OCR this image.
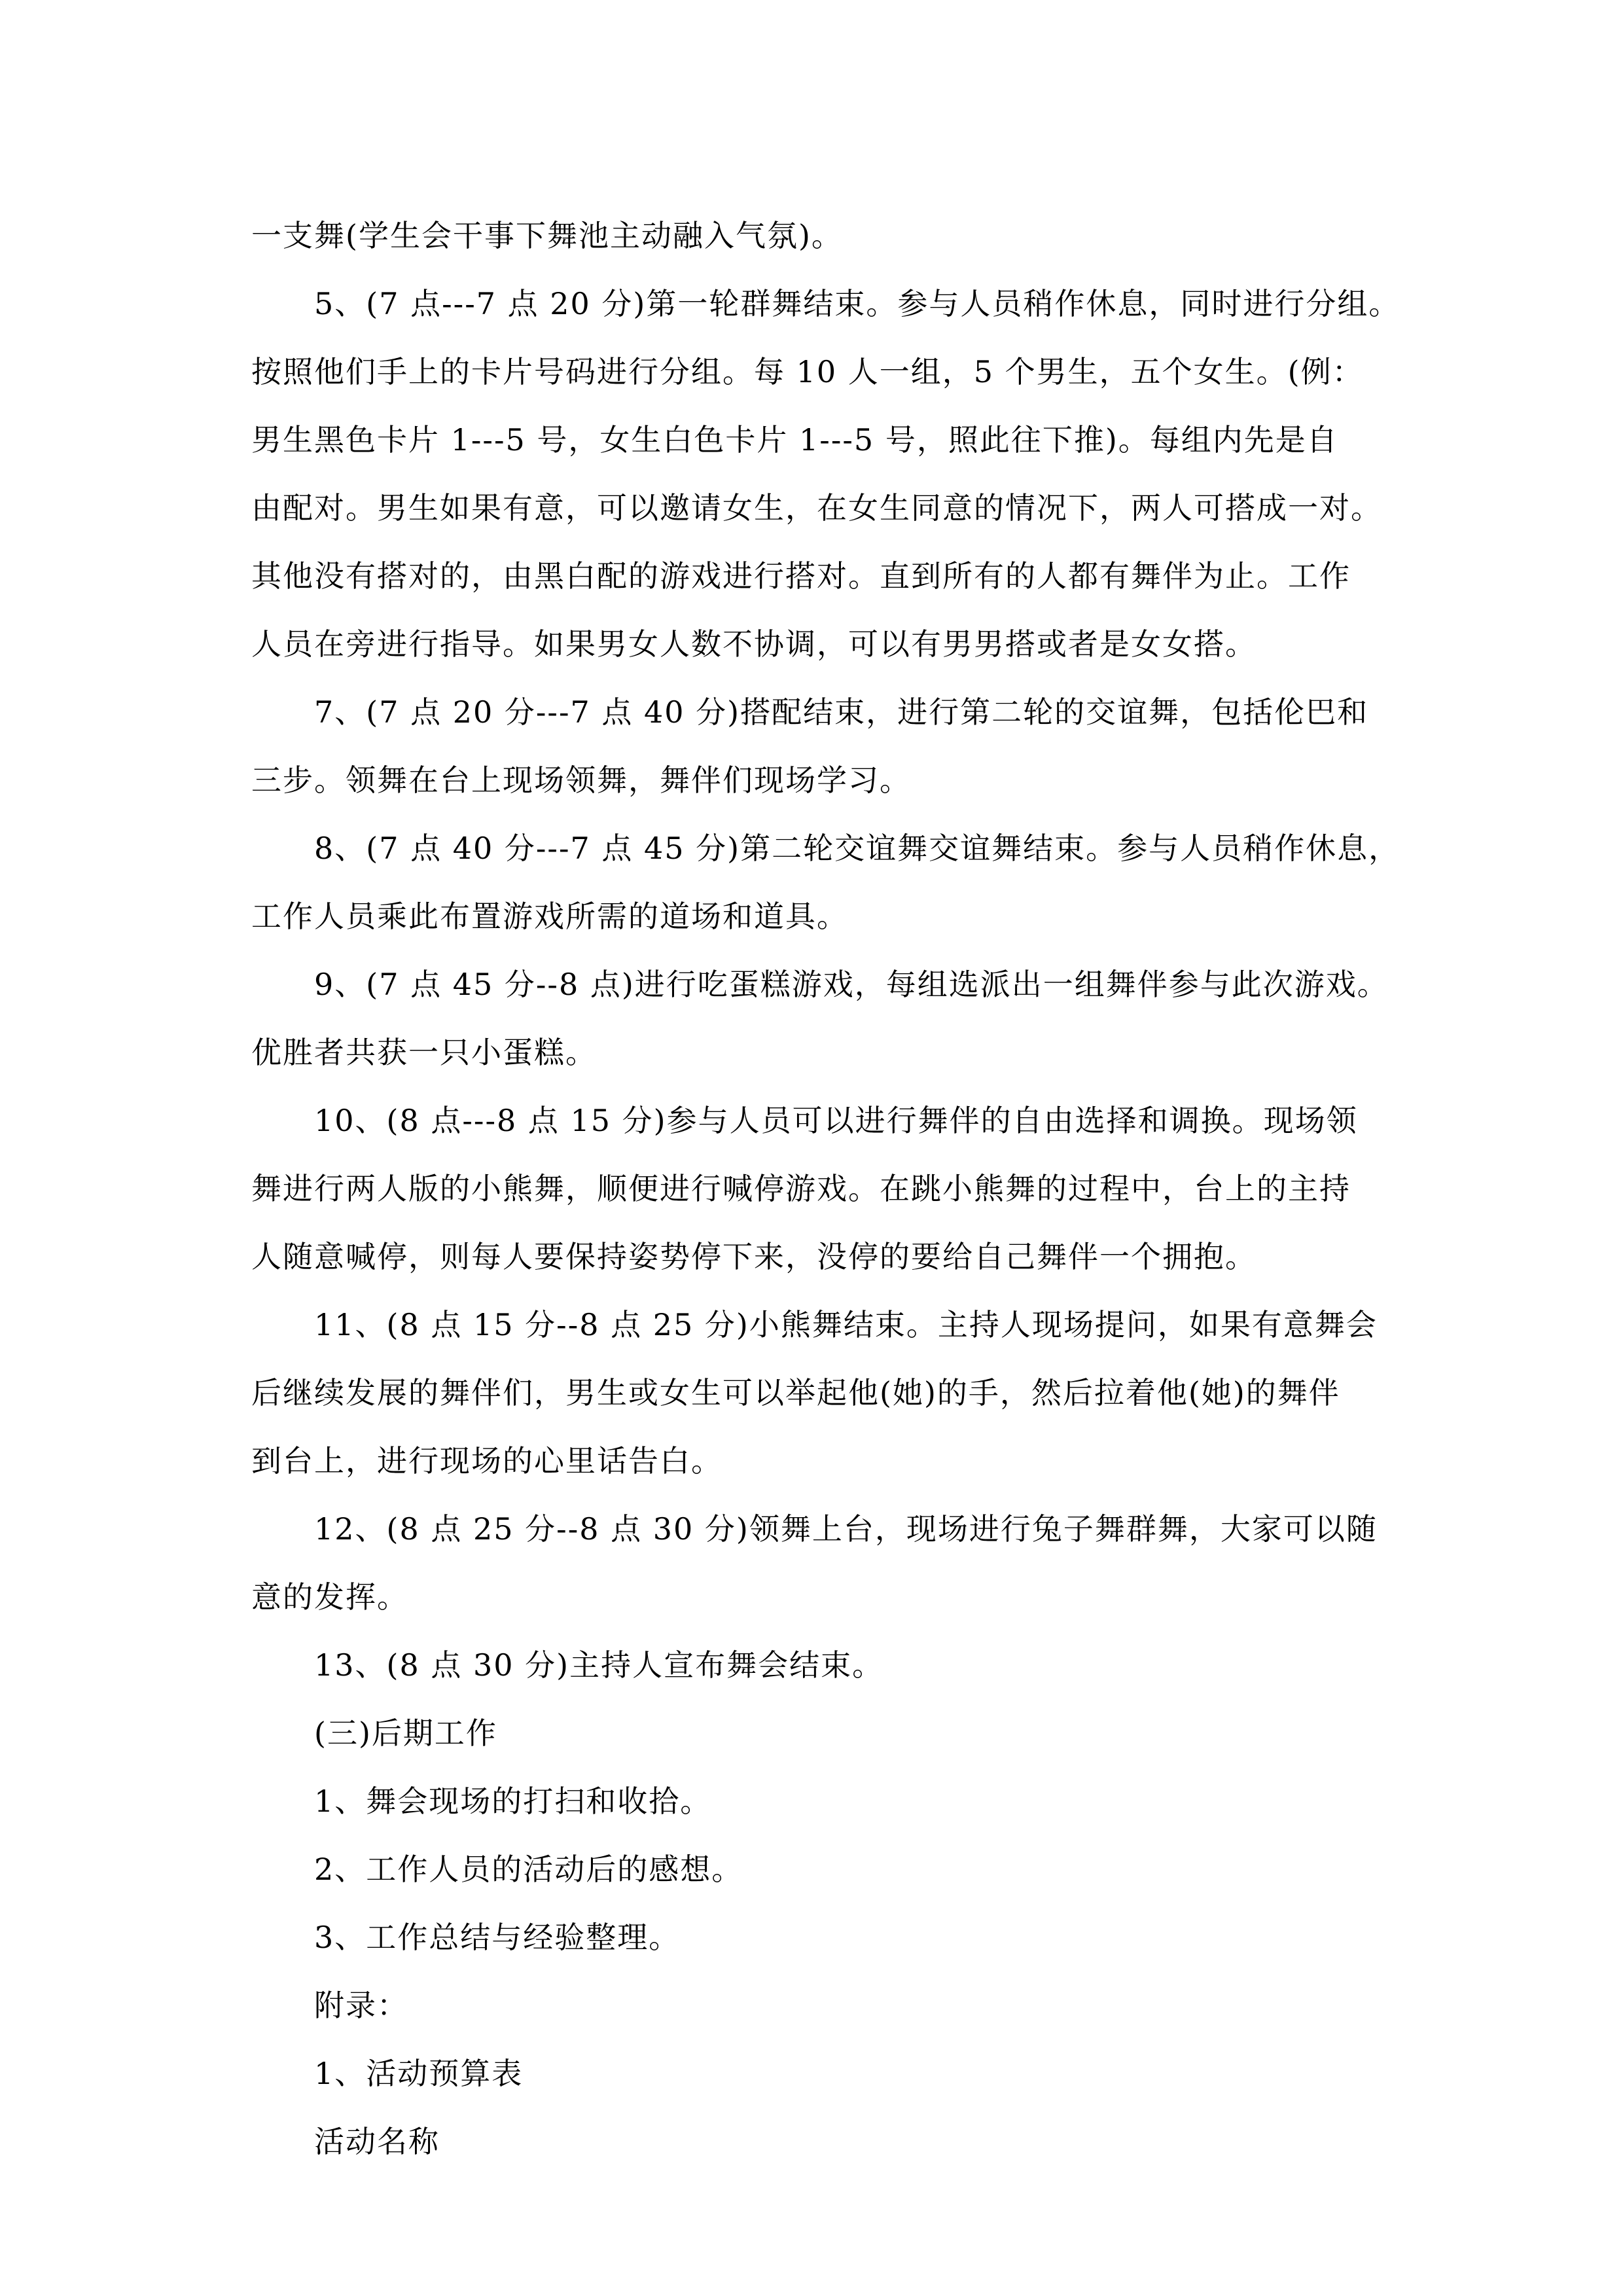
一支舞(学生会干事下舞池主动融入气氛)。
5、(7 点---7 点 20 分)第一轮群舞结束。参与人员稍作休息，同时进行分组。
按照他们手上的卡片号码进行分组。每 10 人一组，5 个男生，五个女生。(例：
男生黑色卡片 1---5 号，女生白色卡片 1---5 号，照此往下推)。每组内先是自
由配对。男生如果有意，可以邀请女生，在女生同意的情况下，两人可搭成一对。
其他没有搭对的，由黑白配的游戏进行搭对。直到所有的人都有舞伴为止。工作
人员在旁进行指导。如果男女人数不协调，可以有男男搭或者是女女搭。
7、(7 点 20 分---7 点 40 分)搭配结束，进行第二轮的交谊舞，包括伦巴和
三步。领舞在台上现场领舞，舞伴们现场学习。
8、(7 点 40 分---7 点 45 分)第二轮交谊舞交谊舞结束。参与人员稍作休息，
工作人员乘此布置游戏所需的道场和道具。
9、(7 点 45 分--8 点)进行吃蛋糕游戏，每组选派出一组舞伴参与此次游戏。
优胜者共获一只小蛋糕。
10、(8 点---8 点 15 分)参与人员可以进行舞伴的自由选择和调换。现场领
舞进行两人版的小熊舞，顺便进行喊停游戏。在跳小熊舞的过程中，台上的主持
人随意喊停，则每人要保持姿势停下来，没停的要给自己舞伴一个拥抱。
11、(8 点 15 分--8 点 25 分)小熊舞结束。主持人现场提问，如果有意舞会
后继续发展的舞伴们，男生或女生可以举起他(她)的手，然后拉着他(她)的舞伴
到台上，进行现场的心里话告白。
12、(8 点 25 分--8 点 30 分)领舞上台，现场进行兔子舞群舞，大家可以随
意的发挥。
13、(8 点 30 分)主持人宣布舞会结束。
(三)后期工作
1、舞会现场的打扫和收拾。
2、工作人员的活动后的感想。
3、工作总结与经验整理。
附录：
1、活动预算表
活动名称
